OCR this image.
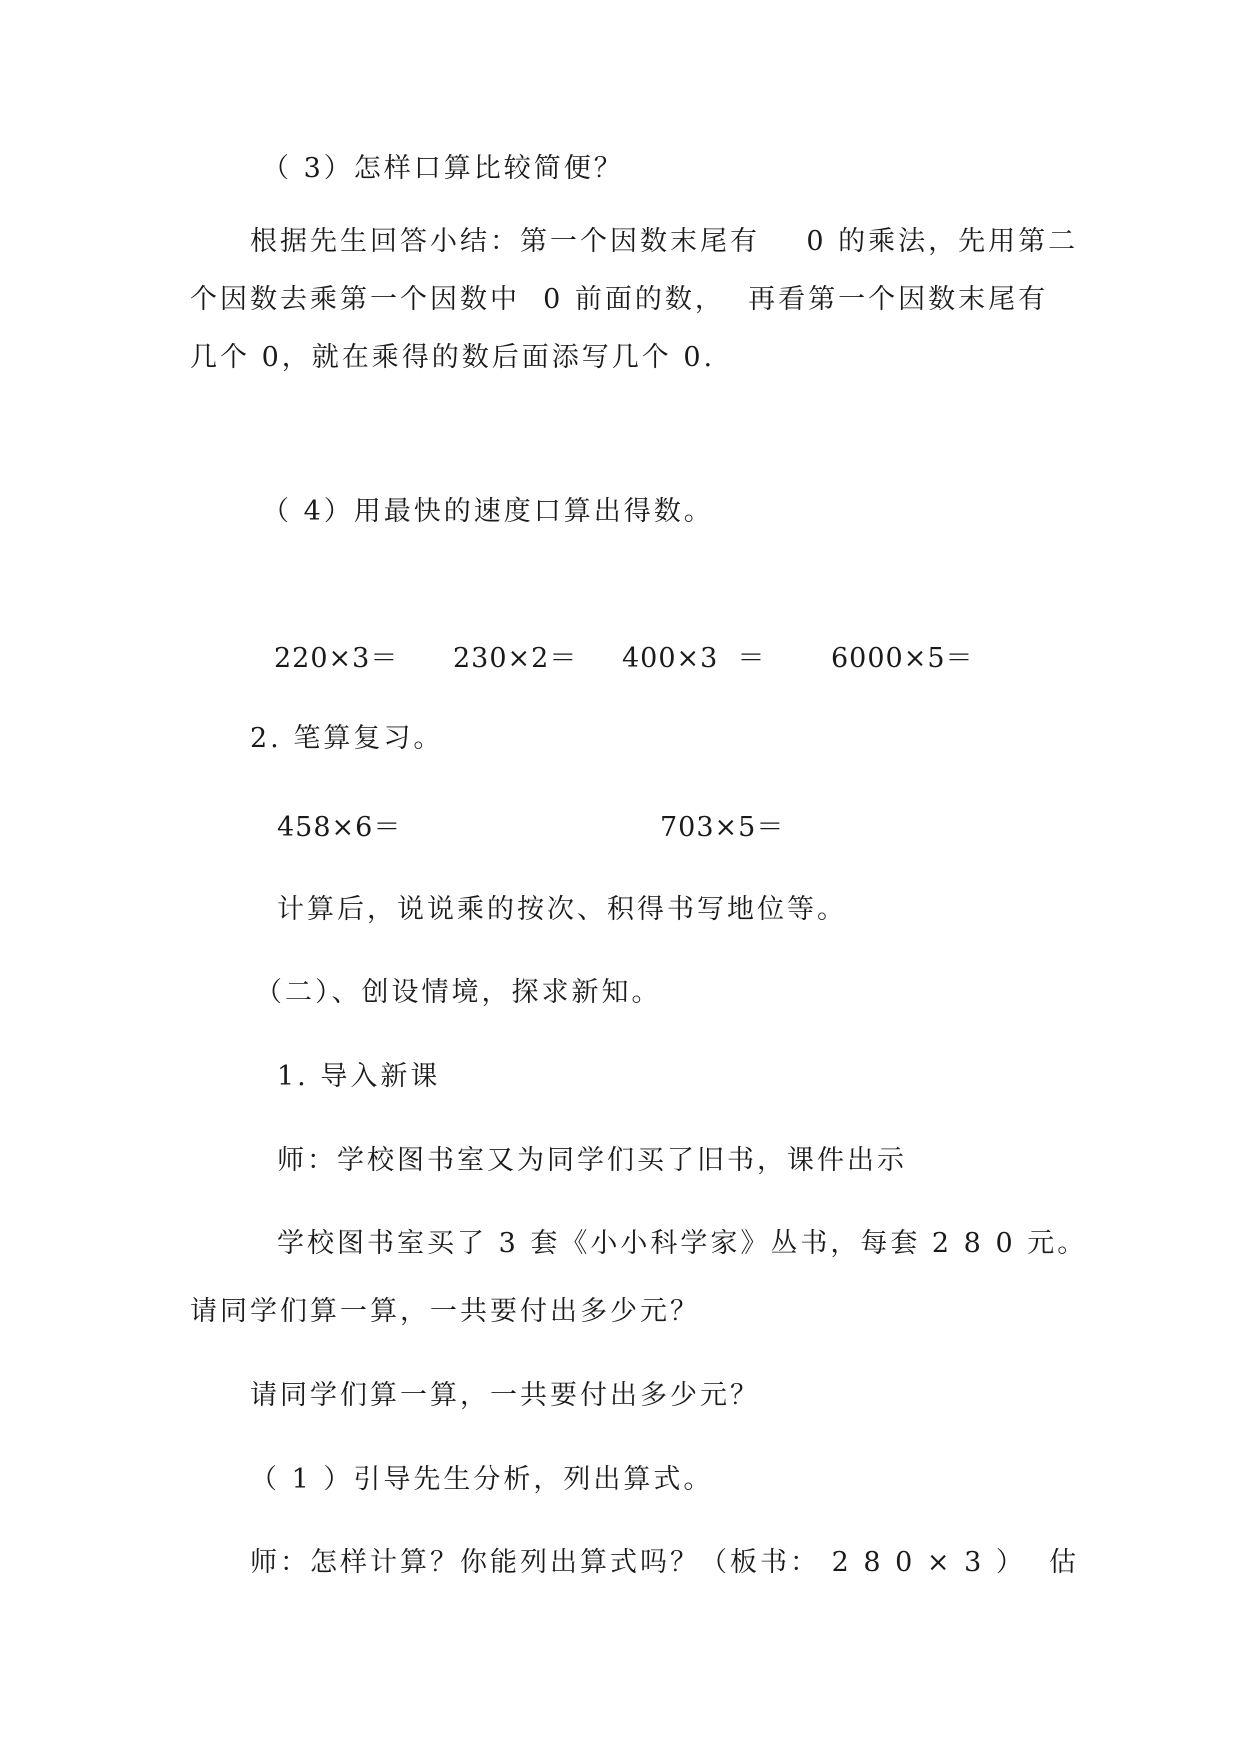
（ 3）怎样口算比较简便？
根据先生回答小结：第一个因数末尾有    0 的乘法，先用第二
个因数去乘第一个因数中  0 前面的数，  再看第一个因数末尾有
几个 0，就在乘得的数后面添写几个 0.
（ 4）用最快的速度口算出得数。
220×3＝ 230×2＝ 400×3  ＝ 6000×5＝
2. 笔算复习。
458×6＝	703×5＝
计算后，说说乘的按次、积得书写地位等。
（二）、创设情境，探求新知。
1. 导入新课
师：学校图书室又为同学们买了旧书，课件出示
学校图书室买了 3 套《小小科学家》丛书，每套 2 8 0 元。
请同学们算一算，一共要付出多少元？
请同学们算一算，一共要付出多少元？
（ 1 ）引导先生分析，列出算式。
师：怎样计算？你能列出算式吗？（板书： 2 8 0 × 3 ）  估
